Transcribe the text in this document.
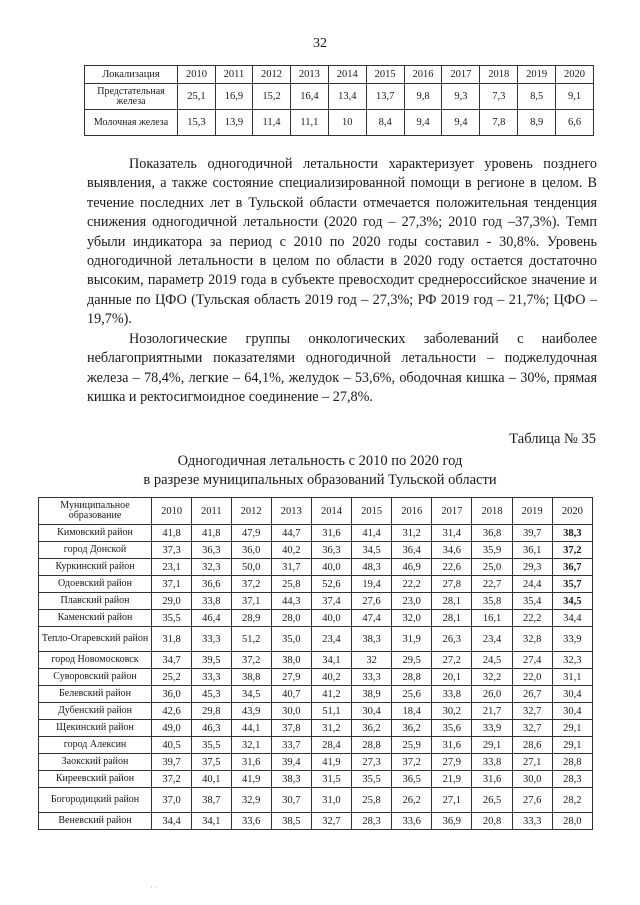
32
Локализация	2010	2011	2012	2013	2014	2015	2016	2017	2018	2019	2020
Предстательная железа	25,1	16,9	15,2	16,4	13,4	13,7	9,8	9,3	7,3	8,5	9,1
Молочная железа	15,3	13,9	11,4	11,1	10	8,4	9,4	9,4	7,8	8,9	6,6
Показатель одногодичной летальности характеризует уровень позднего выявления, а также состояние специализированной помощи в регионе в целом. В течение последних лет в Тульской области отмечается положительная тенденция снижения одногодичной летальности (2020 год – 27,3%; 2010 год –37,3%). Темп убыли индикатора за период с 2010 по 2020 годы составил - 30,8%. Уровень одногодичной летальности в целом по области в 2020 году остается достаточно высоким, параметр 2019 года в субъекте превосходит среднероссийское значение и данные по ЦФО (Тульская область 2019 год – 27,3%; РФ 2019 год – 21,7%; ЦФО – 19,7%).
Нозологические группы онкологических заболеваний с наиболее неблагоприятными показателями одногодичной летальности – поджелудочная железа – 78,4%, легкие – 64,1%, желудок – 53,6%, ободочная кишка – 30%, прямая кишка и ректосигмоидное соединение – 27,8%.
Таблица № 35
Одногодичная летальность с 2010 по 2020 год
в разрезе муниципальных образований Тульской области
Муниципальное образование	2010	2011	2012	2013	2014	2015	2016	2017	2018	2019	2020
Кимовский район	41,8	41,8	47,9	44,7	31,6	41,4	31,2	31,4	36,8	39,7	38,3
город Донской	37,3	36,3	36,0	40,2	36,3	34,5	36,4	34,6	35,9	36,1	37,2
Куркинский район	23,1	32,3	50,0	31,7	40,0	48,3	46,9	22,6	25,0	29,3	36,7
Одоевский район	37,1	36,6	37,2	25,8	52,6	19,4	22,2	27,8	22,7	24,4	35,7
Плавский район	29,0	33,8	37,1	44,3	37,4	27,6	23,0	28,1	35,8	35,4	34,5
Каменский район	35,5	46,4	28,9	28,0	40,0	47,4	32,0	28,1	16,1	22,2	34,4
Тепло-Огаревский район	31,8	33,3	51,2	35,0	23,4	38,3	31,9	26,3	23,4	32,8	33,9
город Новомосковск	34,7	39,5	37,2	38,0	34,1	32	29,5	27,2	24,5	27,4	32,3
Суворовский район	25,2	33,3	38,8	27,9	40,2	33,3	28,8	20,1	32,2	22,0	31,1
Белевский район	36,0	45,3	34,5	40,7	41,2	38,9	25,6	33,8	26,0	26,7	30,4
Дубенский район	42,6	29,8	43,9	30,0	51,1	30,4	18,4	30,2	21,7	32,7	30,4
Щекинский район	49,0	46,3	44,1	37,8	31,2	36,2	36,2	35,6	33,9	32,7	29,1
город Алексин	40,5	35,5	32,1	33,7	28,4	28,8	25,9	31,6	29,1	28,6	29,1
Заокский район	39,7	37,5	31,6	39,4	41,9	27,3	37,2	27,9	33,8	27,1	28,8
Киреевский район	37,2	40,1	41,9	38,3	31,5	35,5	36,5	21,9	31,6	30,0	28,3
Богородицкий район	37,0	38,7	32,9	30,7	31,0	25,8	26,2	27,1	26,5	27,6	28,2
Веневский район	34,4	34,1	33,6	38,5	32,7	28,3	33,6	36,9	20,8	33,3	28,0
· ·
